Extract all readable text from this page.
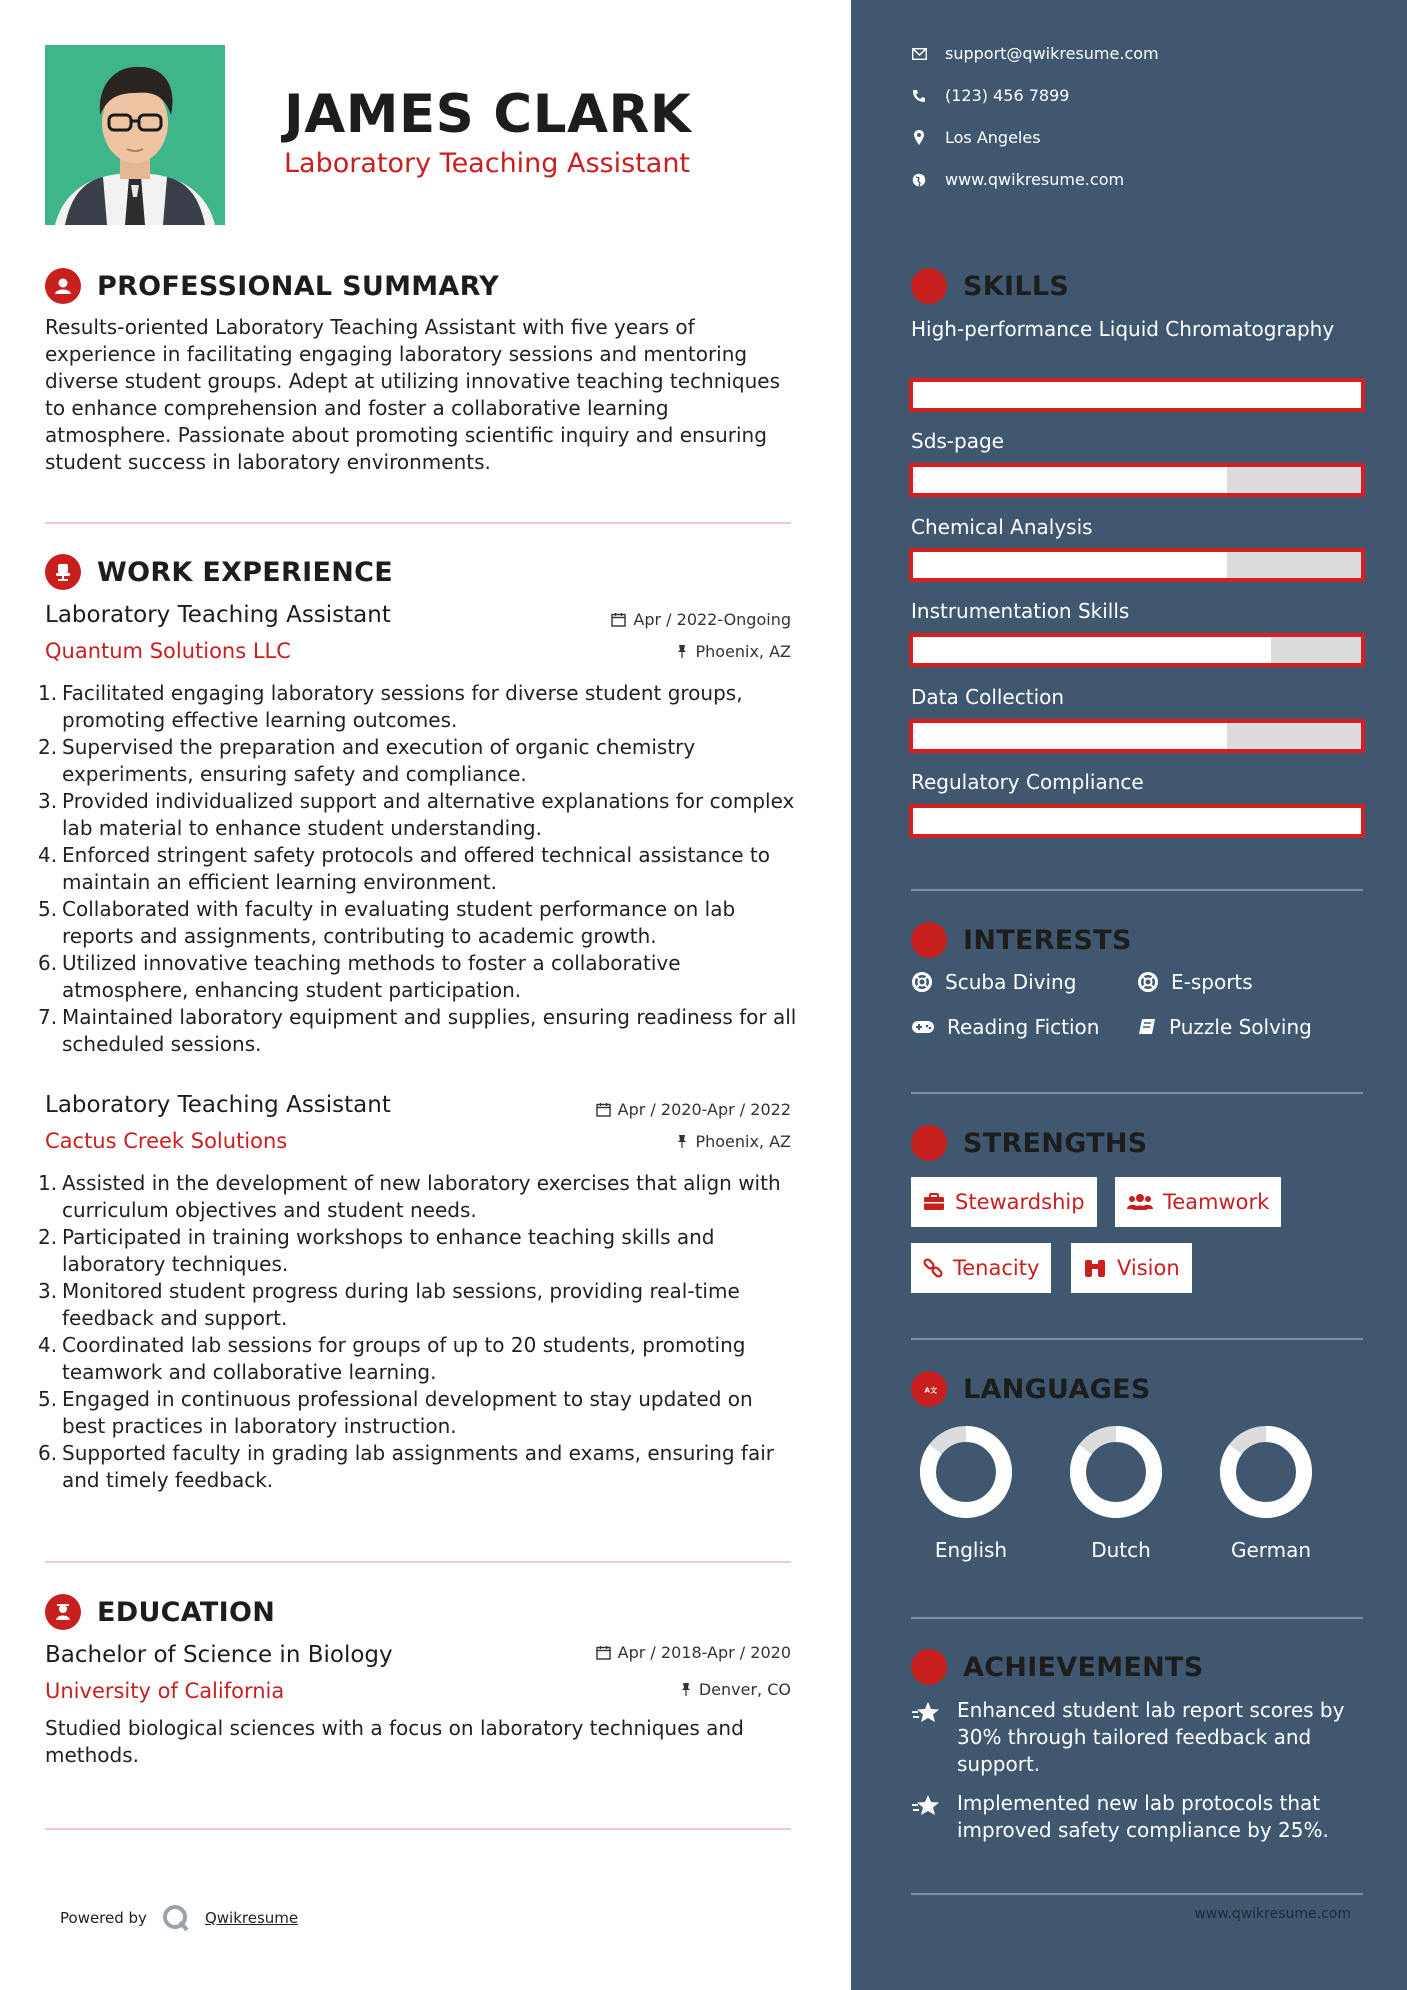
JAMES CLARK
Laboratory Teaching Assistant
PROFESSIONAL SUMMARY
Results-oriented Laboratory Teaching Assistant with five years of experience in facilitating engaging laboratory sessions and mentoring diverse student groups. Adept at utilizing innovative teaching techniques to enhance comprehension and foster a collaborative learning atmosphere. Passionate about promoting scientific inquiry and ensuring student success in laboratory environments.
WORK EXPERIENCE
Laboratory Teaching Assistant
Quantum Solutions LLC
Apr / 2022-Ongoing
Phoenix, AZ
1. Facilitated engaging laboratory sessions for diverse student groups, promoting effective learning outcomes.
2. Supervised the preparation and execution of organic chemistry experiments, ensuring safety and compliance.
3. Provided individualized support and alternative explanations for complex lab material to enhance student understanding.
4. Enforced stringent safety protocols and offered technical assistance to maintain an efficient learning environment.
5. Collaborated with faculty in evaluating student performance on lab reports and assignments, contributing to academic growth.
6. Utilized innovative teaching methods to foster a collaborative atmosphere, enhancing student participation.
7. Maintained laboratory equipment and supplies, ensuring readiness for all scheduled sessions.
Laboratory Teaching Assistant
Cactus Creek Solutions
Apr / 2020-Apr / 2022
Phoenix, AZ
1. Assisted in the development of new laboratory exercises that align with curriculum objectives and student needs.
2. Participated in training workshops to enhance teaching skills and laboratory techniques.
3. Monitored student progress during lab sessions, providing real-time feedback and support.
4. Coordinated lab sessions for groups of up to 20 students, promoting teamwork and collaborative learning.
5. Engaged in continuous professional development to stay updated on best practices in laboratory instruction.
6. Supported faculty in grading lab assignments and exams, ensuring fair and timely feedback.
EDUCATION
Bachelor of Science in Biology
University of California
Apr / 2018-Apr / 2020
Denver, CO
Studied biological sciences with a focus on laboratory techniques and methods.
Powered by	Qwikresume
support@qwikresume.com
(123) 456 7899
Los Angeles
www.qwikresume.com
SKILLS
High-performance Liquid Chromatography
Sds-page
Chemical Analysis
Instrumentation Skills
Data Collection
Regulatory Compliance
INTERESTS
Scuba Diving	E-sports
Reading Fiction	Puzzle Solving
STRENGTHS
Stewardship	Teamwork
Tenacity	Vision
A 文 LANGUAGES
English	Dutch	German
ACHIEVEMENTS
Enhanced student lab report scores by 30% through tailored feedback and support.
Implemented new lab protocols that improved safety compliance by 25%.
www.qwikresume.com
